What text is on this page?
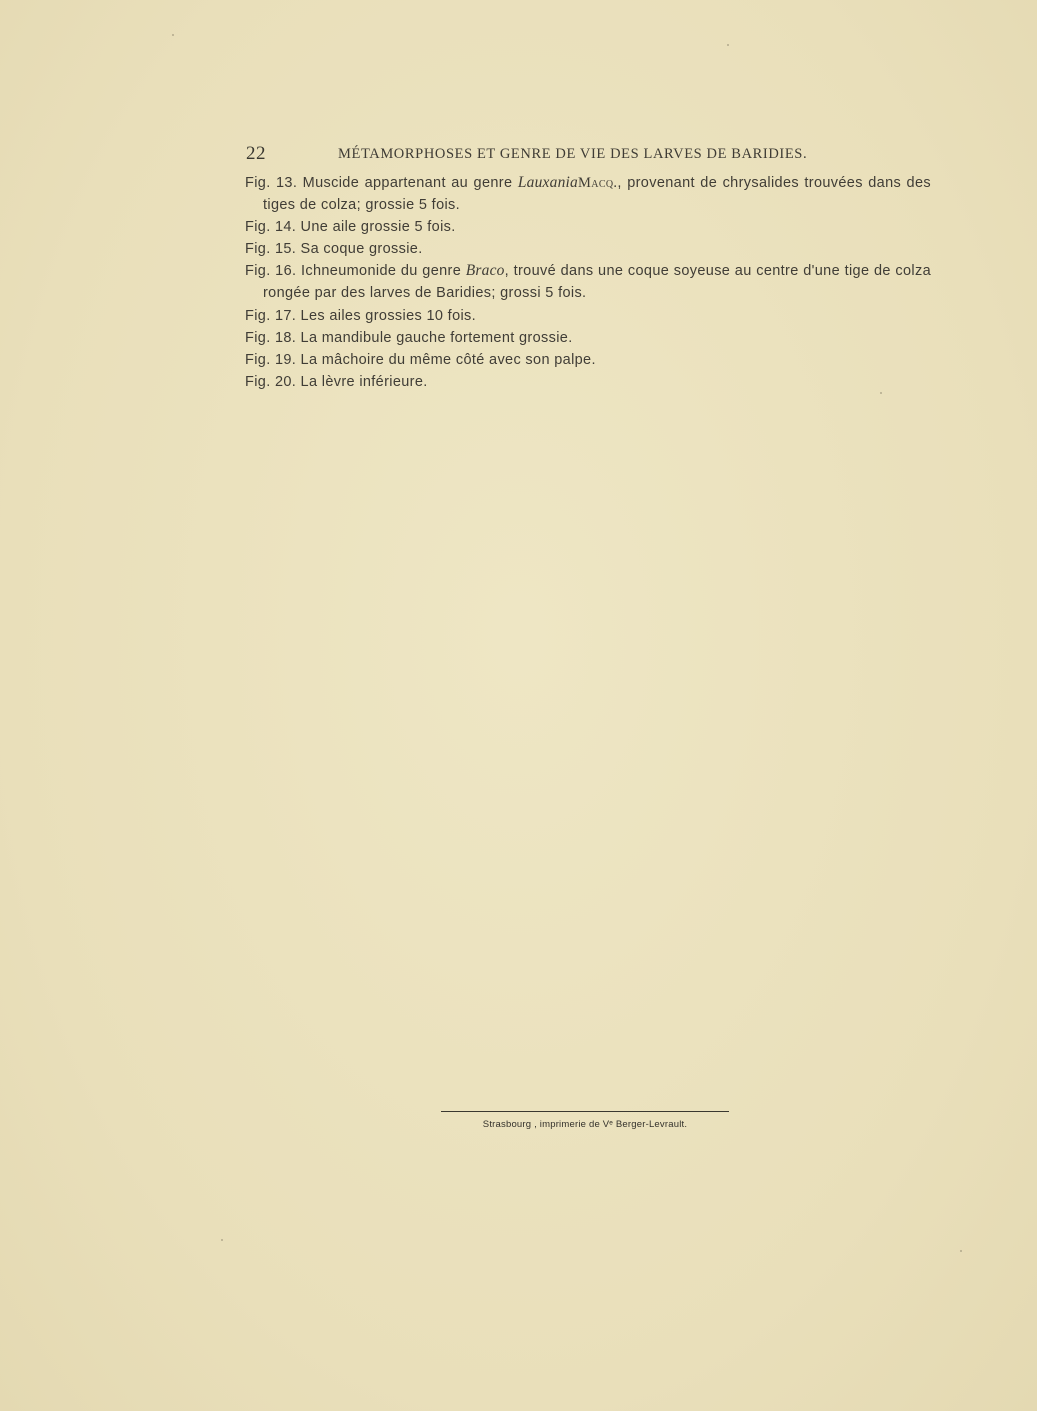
22	MÉTAMORPHOSES ET GENRE DE VIE DES LARVES DE BARIDIES.

Fig. 13. Muscide appartenant au genre LauxaniaMacq., provenant de chrysalides trouvées dans des tiges de colza; grossie 5 fois.

Fig. 14. Une aile grossie 5 fois.

Fig. 15. Sa coque grossie.

Fig. 16. Ichneumonide du genre Braco, trouvé dans une coque soyeuse au centre d'une tige de colza rongée par des larves de Baridies; grossi 5 fois.

Fig. 17. Les ailes grossies 10 fois.

Fig. 18. La mandibule gauche fortement grossie.

Fig. 19. La mâchoire du même côté avec son palpe.

Fig. 20. La lèvre inférieure.

Strasbourg , imprimerie de Vᵉ Berger-Levrault.
